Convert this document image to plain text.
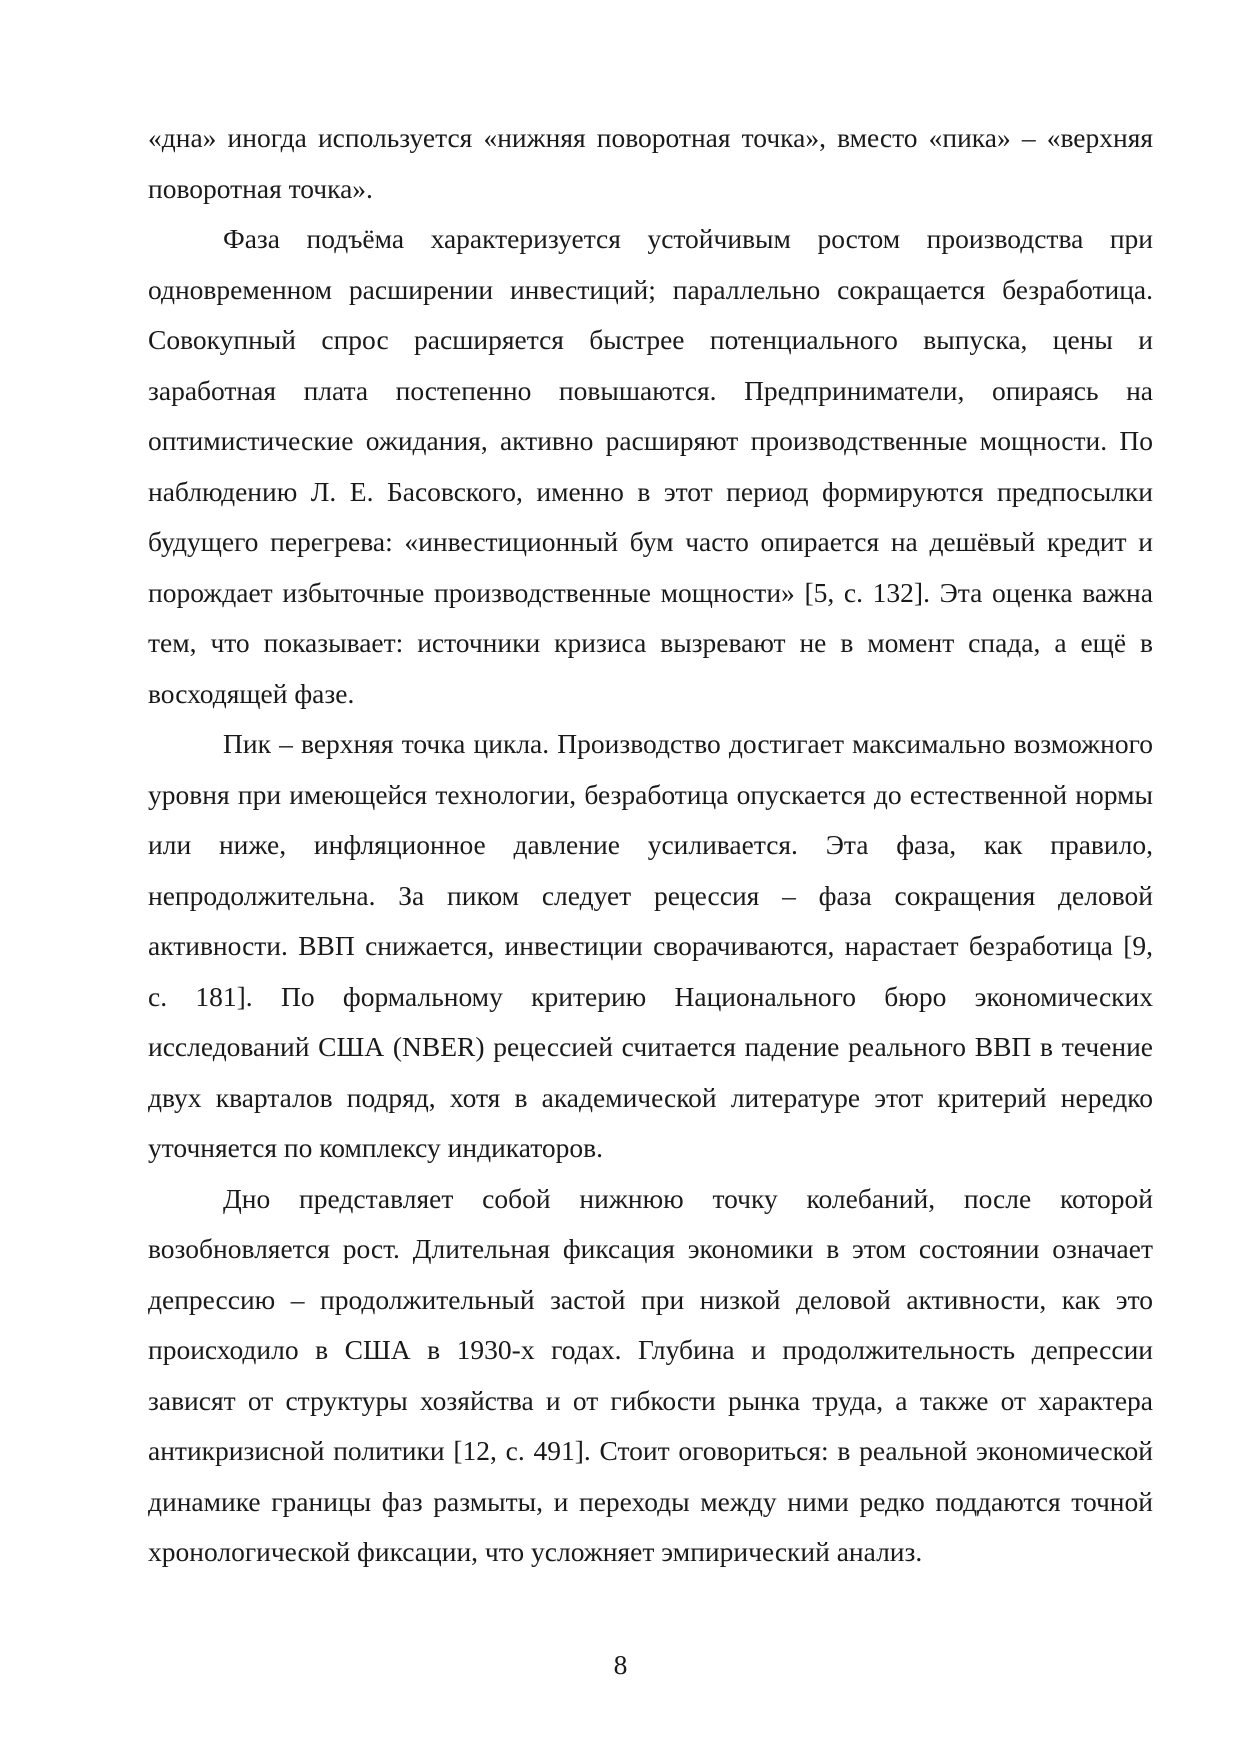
«дна» иногда используется «нижняя поворотная точка», вместо «пика» – «верхняя поворотная точка».

Фаза подъёма характеризуется устойчивым ростом производства при одновременном расширении инвестиций; параллельно сокращается безработица. Совокупный спрос расширяется быстрее потенциального выпуска, цены и заработная плата постепенно повышаются. Предприниматели, опираясь на оптимистические ожидания, активно расширяют производственные мощности. По наблюдению Л. Е. Басовского, именно в этот период формируются предпосылки будущего перегрева: «инвестиционный бум часто опирается на дешёвый кредит и порождает избыточные производственные мощности» [5, с. 132]. Эта оценка важна тем, что показывает: источники кризиса вызревают не в момент спада, а ещё в восходящей фазе.

Пик – верхняя точка цикла. Производство достигает максимально возможного уровня при имеющейся технологии, безработица опускается до естественной нормы или ниже, инфляционное давление усиливается. Эта фаза, как правило, непродолжительна. За пиком следует рецессия – фаза сокращения деловой активности. ВВП снижается, инвестиции сворачиваются, нарастает безработица [9, с. 181]. По формальному критерию Национального бюро экономических исследований США (NBER) рецессией считается падение реального ВВП в течение двух кварталов подряд, хотя в академической литературе этот критерий нередко уточняется по комплексу индикаторов.

Дно представляет собой нижнюю точку колебаний, после которой возобновляется рост. Длительная фиксация экономики в этом состоянии означает депрессию – продолжительный застой при низкой деловой активности, как это происходило в США в 1930-х годах. Глубина и продолжительность депрессии зависят от структуры хозяйства и от гибкости рынка труда, а также от характера антикризисной политики [12, с. 491]. Стоит оговориться: в реальной экономической динамике границы фаз размыты, и переходы между ними редко поддаются точной хронологической фиксации, что усложняет эмпирический анализ.

8
